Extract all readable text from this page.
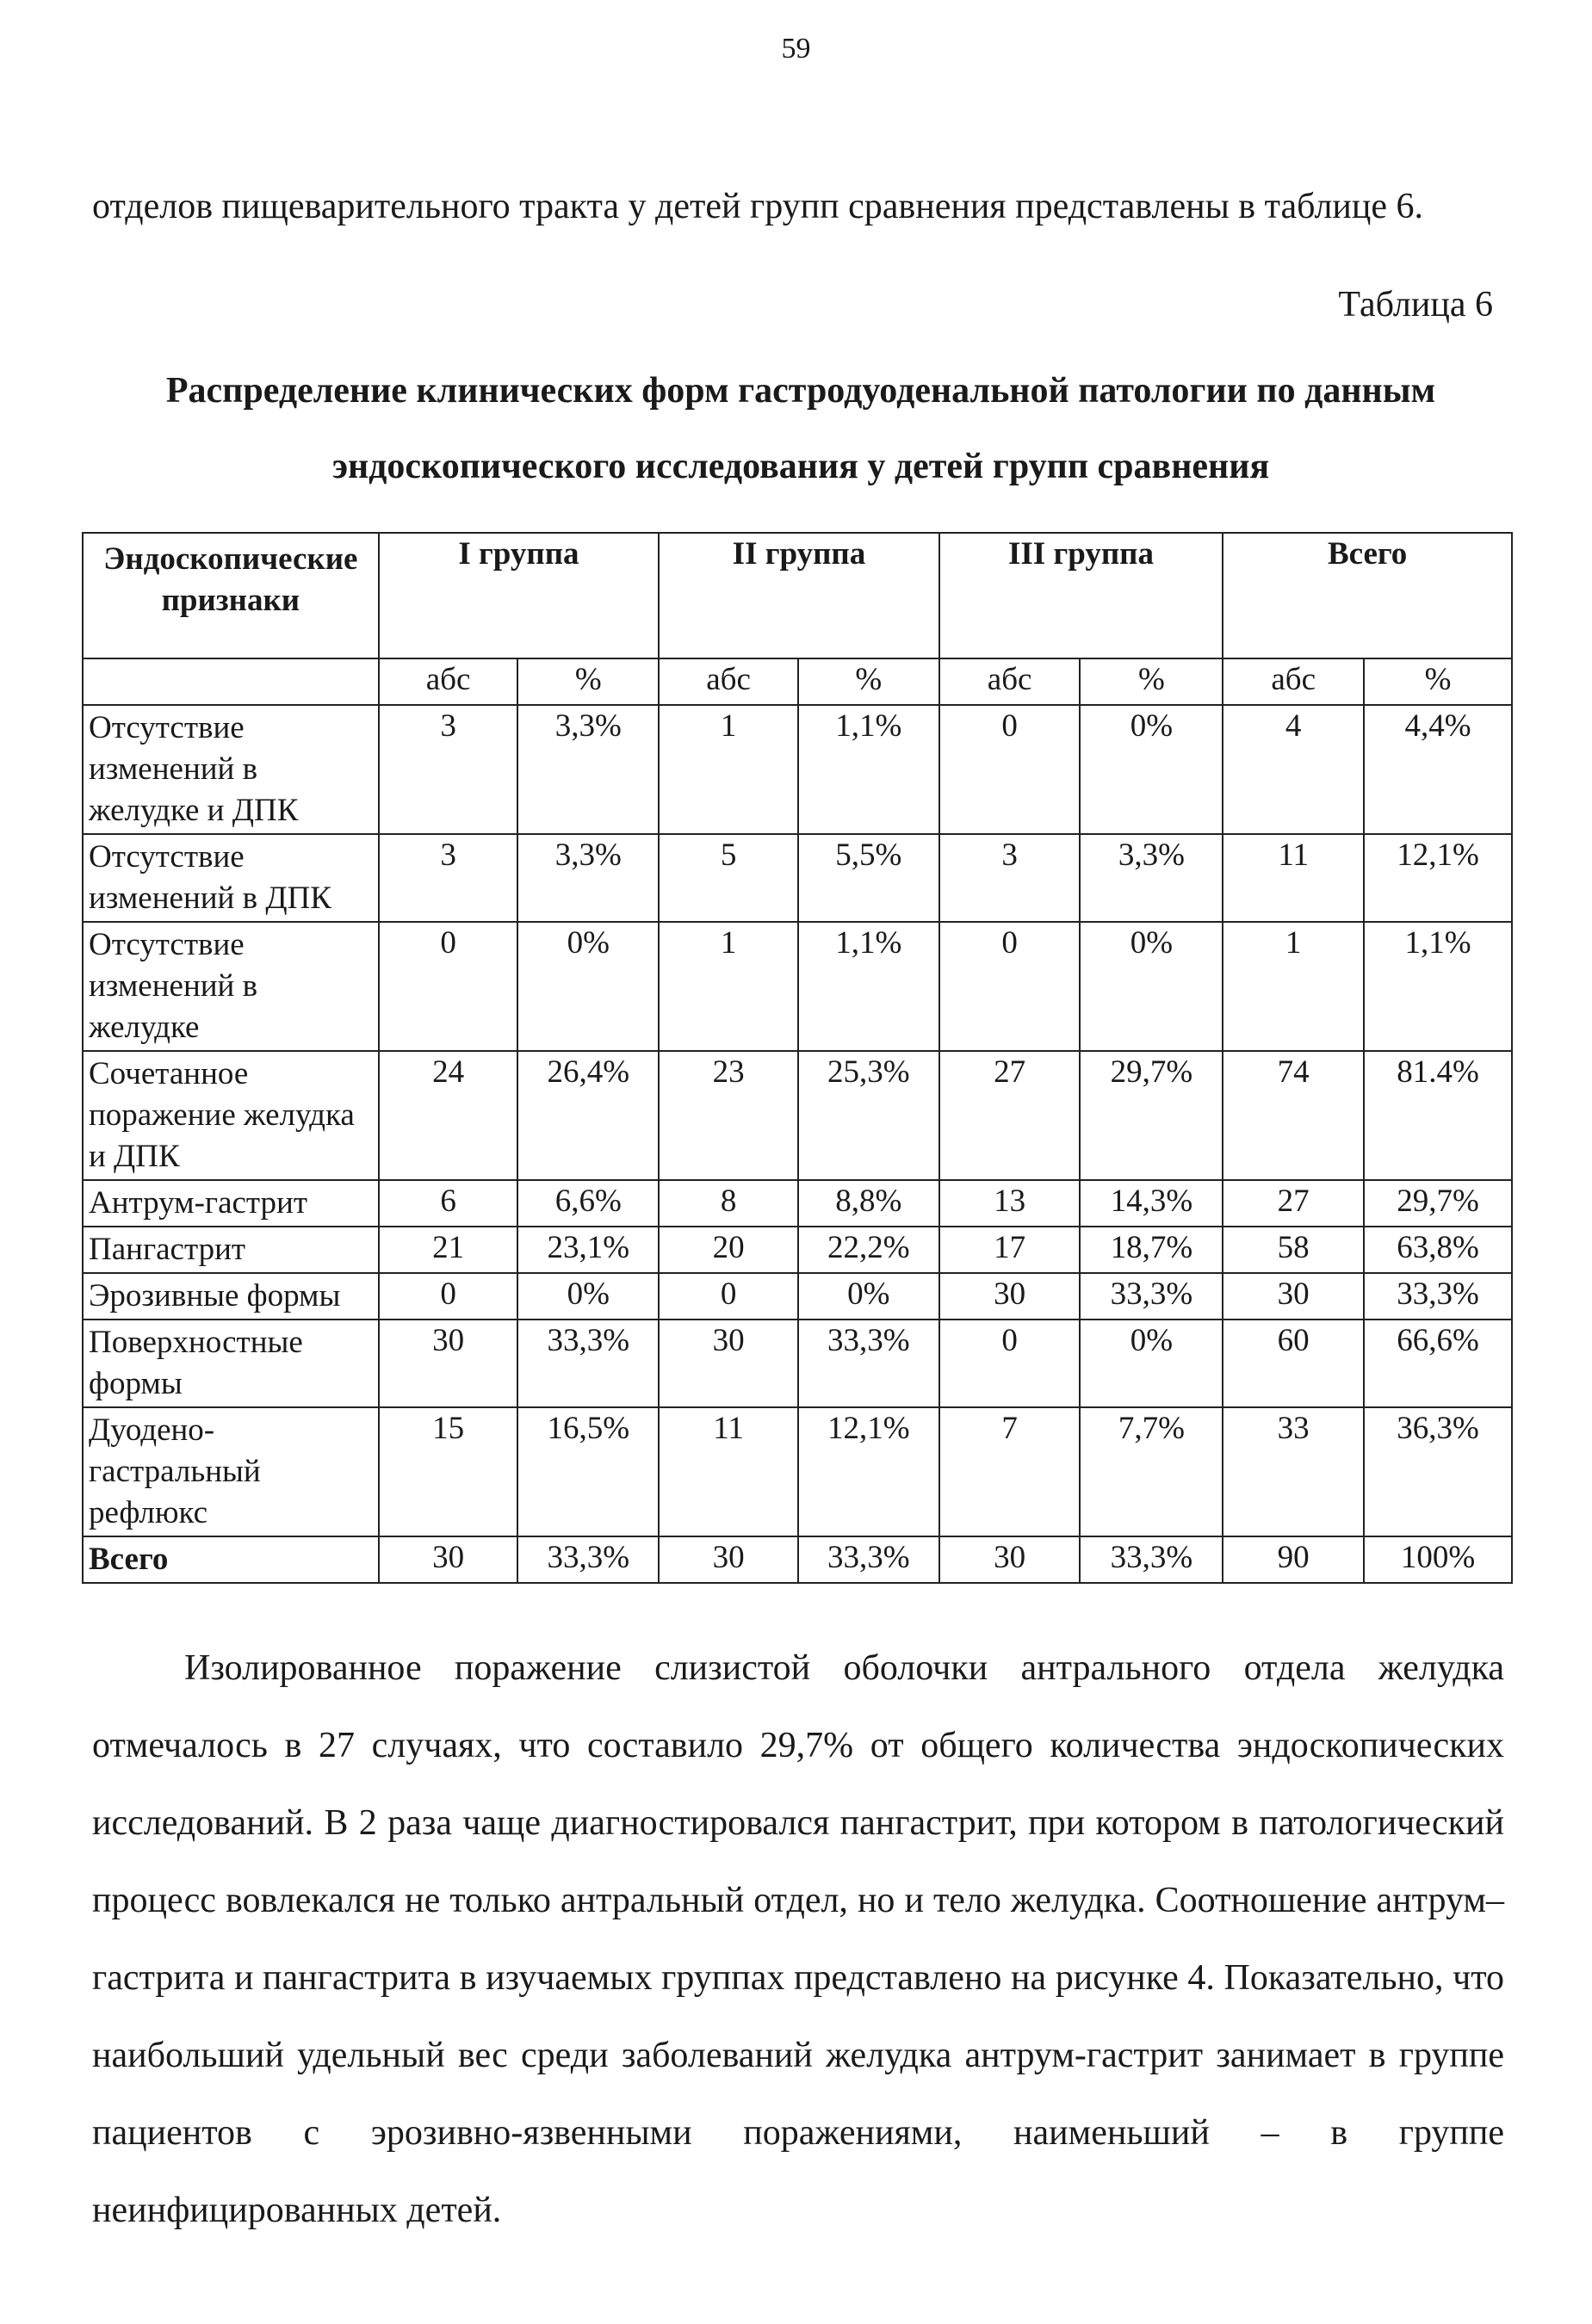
59

отделов пищеварительного тракта у детей групп сравнения представлены в таблице 6.

Таблица 6
Распределение клинических форм гастродуоденальной патологии по данным эндоскопического исследования у детей групп сравнения
Эндоскопические признаки	I группа		II группа		III группа		Всего	
	абс	%	абс	%	абс	%	абс	%
Отсутствие изменений в желудке и ДПК	3	3,3%	1	1,1%	0	0%	4	4,4%
Отсутствие изменений в ДПК	3	3,3%	5	5,5%	3	3,3%	11	12,1%
Отсутствие изменений в желудке	0	0%	1	1,1%	0	0%	1	1,1%
Сочетанное поражение желудка и ДПК	24	26,4%	23	25,3%	27	29,7%	74	81.4%
Антрум-гастрит	6	6,6%	8	8,8%	13	14,3%	27	29,7%
Пангастрит	21	23,1%	20	22,2%	17	18,7%	58	63,8%
Эрозивные формы	0	0%	0	0%	30	33,3%	30	33,3%
Поверхностные формы	30	33,3%	30	33,3%	0	0%	60	66,6%
Дуодено-гастральный рефлюкс	15	16,5%	11	12,1%	7	7,7%	33	36,3%
Всего	30	33,3%	30	33,3%	30	33,3%	90	100%

Изолированное поражение слизистой оболочки антрального отдела желудка отмечалось в 27 случаях, что составило 29,7% от общего количества эндоскопических исследований. В 2 раза чаще диагностировался пангастрит, при котором в патологический процесс вовлекался не только антральный отдел, но и тело желудка. Соотношение антрум–гастрита и пангастрита в изучаемых группах представлено на рисунке 4. Показательно, что наибольший удельный вес среди заболеваний желудка антрум-гастрит занимает в группе пациентов с эрозивно-язвенными поражениями, наименьший – в группе неинфицированных детей.
